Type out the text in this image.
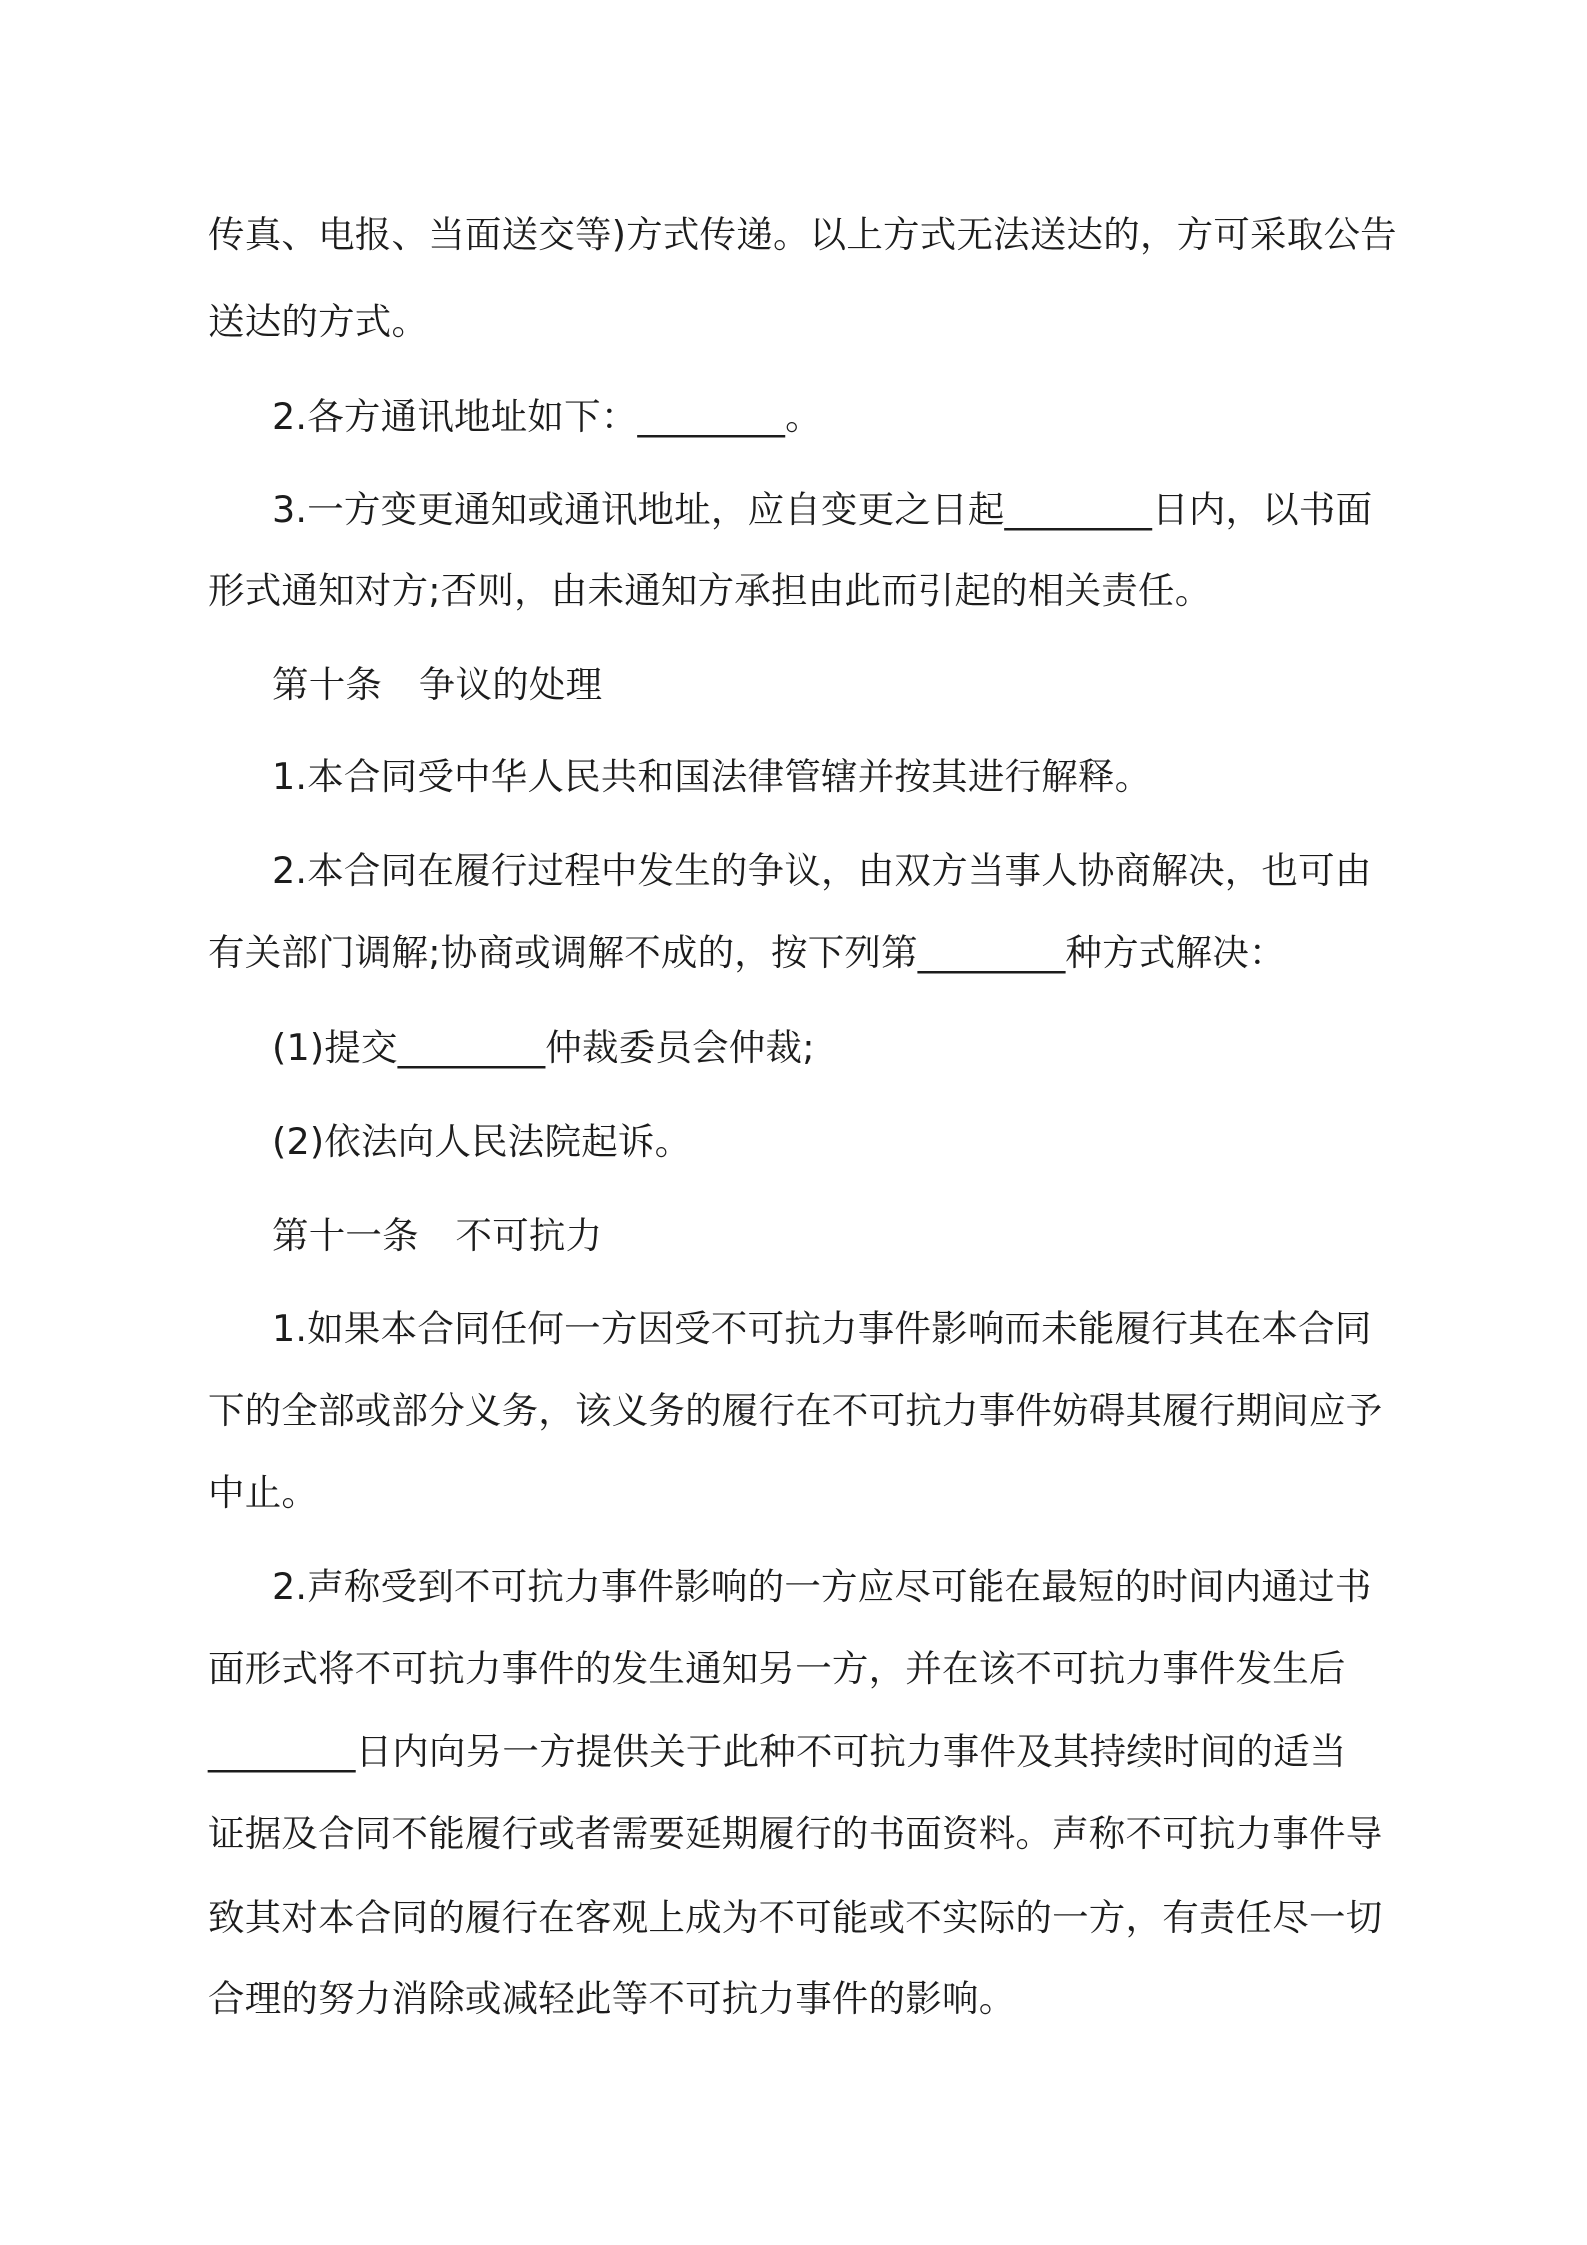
传真、电报、当面送交等)方式传递。以上方式无法送达的，方可采取公告
送达的方式。
2.各方通讯地址如下：________。
3.一方变更通知或通讯地址，应自变更之日起________日内，以书面
形式通知对方;否则，由未通知方承担由此而引起的相关责任。
第十条　争议的处理
1.本合同受中华人民共和国法律管辖并按其进行解释。
2.本合同在履行过程中发生的争议，由双方当事人协商解决，也可由
有关部门调解;协商或调解不成的，按下列第________种方式解决：
(1)提交________仲裁委员会仲裁;
(2)依法向人民法院起诉。
第十一条　不可抗力
1.如果本合同任何一方因受不可抗力事件影响而未能履行其在本合同
下的全部或部分义务，该义务的履行在不可抗力事件妨碍其履行期间应予
中止。
2.声称受到不可抗力事件影响的一方应尽可能在最短的时间内通过书
面形式将不可抗力事件的发生通知另一方，并在该不可抗力事件发生后
________日内向另一方提供关于此种不可抗力事件及其持续时间的适当
证据及合同不能履行或者需要延期履行的书面资料。声称不可抗力事件导
致其对本合同的履行在客观上成为不可能或不实际的一方，有责任尽一切
合理的努力消除或减轻此等不可抗力事件的影响。
